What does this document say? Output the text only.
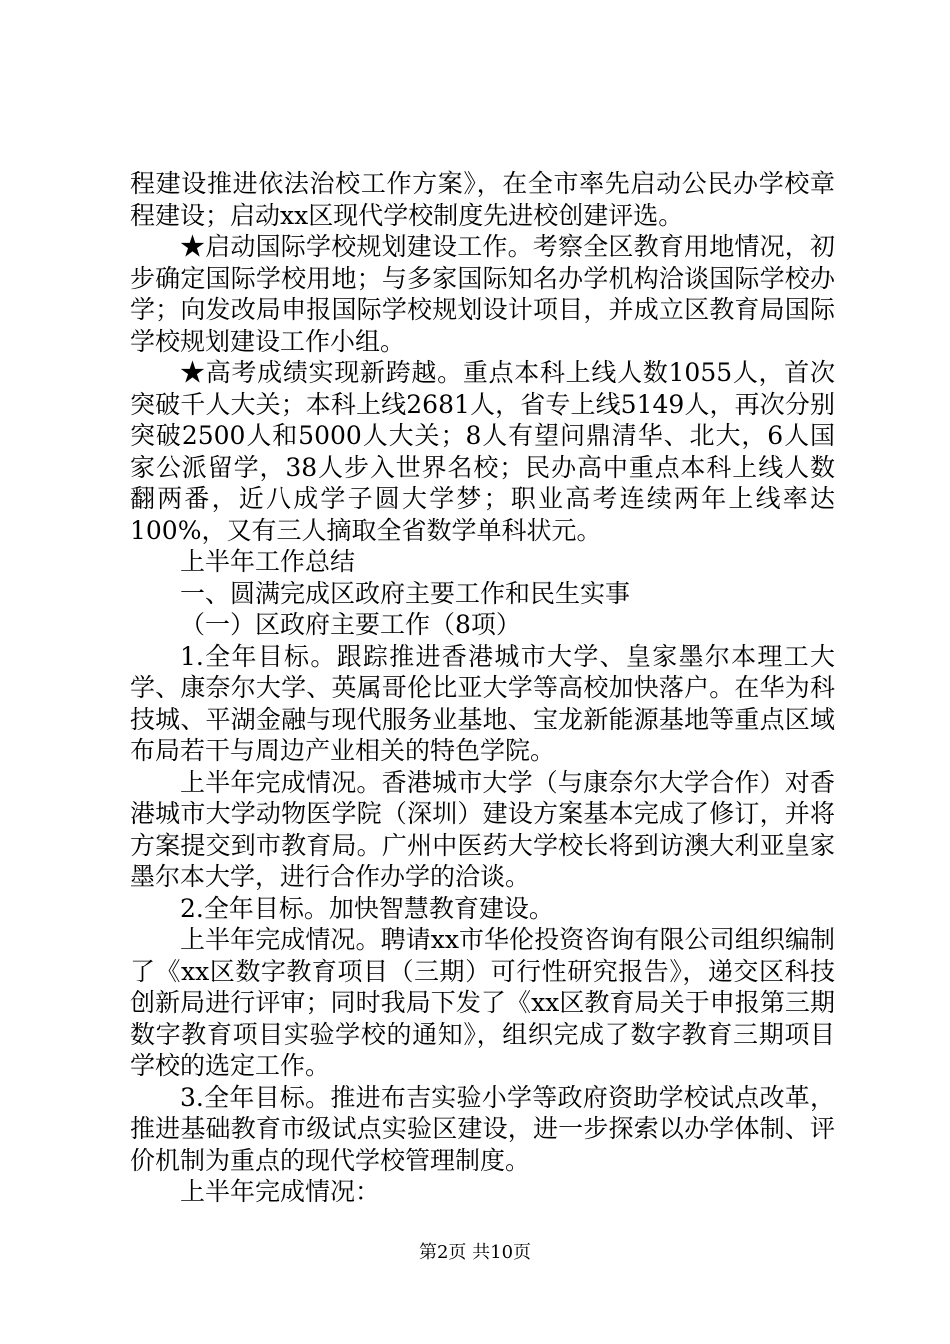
程建设推进依法治校工作方案》，在全市率先启动公民办学校章程建设；启动xx区现代学校制度先进校创建评选。

★启动国际学校规划建设工作。考察全区教育用地情况，初步确定国际学校用地；与多家国际知名办学机构洽谈国际学校办学；向发改局申报国际学校规划设计项目，并成立区教育局国际学校规划建设工作小组。

★高考成绩实现新跨越。重点本科上线人数1055人，首次突破千人大关；本科上线2681人，省专上线5149人，再次分别突破2500人和5000人大关；8人有望问鼎清华、北大，6人国家公派留学，38人步入世界名校；民办高中重点本科上线人数翻两番，近八成学子圆大学梦；职业高考连续两年上线率达100%，又有三人摘取全省数学单科状元。

上半年工作总结

一、圆满完成区政府主要工作和民生实事

（一）区政府主要工作（8项）

1.全年目标。跟踪推进香港城市大学、皇家墨尔本理工大学、康奈尔大学、英属哥伦比亚大学等高校加快落户。在华为科技城、平湖金融与现代服务业基地、宝龙新能源基地等重点区域布局若干与周边产业相关的特色学院。

上半年完成情况。香港城市大学（与康奈尔大学合作）对香港城市大学动物医学院（深圳）建设方案基本完成了修订，并将方案提交到市教育局。广州中医药大学校长将到访澳大利亚皇家墨尔本大学，进行合作办学的洽谈。

2.全年目标。加快智慧教育建设。

上半年完成情况。聘请xx市华伦投资咨询有限公司组织编制了《xx区数字教育项目（三期）可行性研究报告》，递交区科技创新局进行评审；同时我局下发了《xx区教育局关于申报第三期数字教育项目实验学校的通知》，组织完成了数字教育三期项目学校的选定工作。

3.全年目标。推进布吉实验小学等政府资助学校试点改革，推进基础教育市级试点实验区建设，进一步探索以办学体制、评价机制为重点的现代学校管理制度。

上半年完成情况：

第2页 共10页
